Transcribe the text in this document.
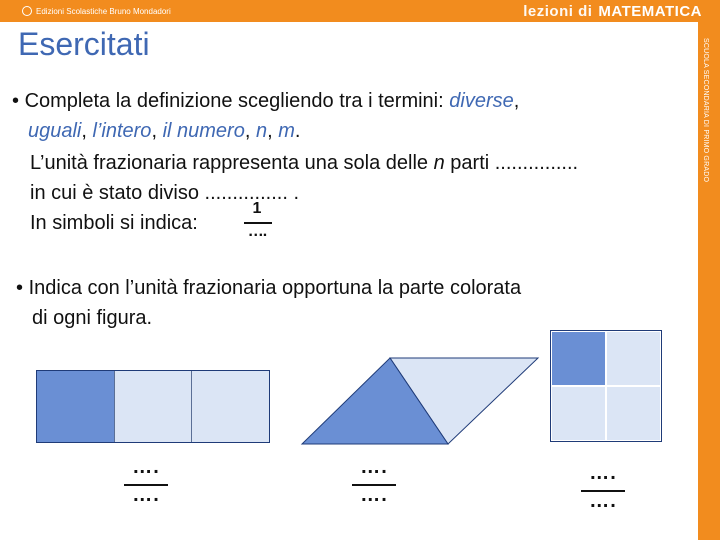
Edizioni Scolastiche Bruno Mondadori	lezioni di MATEMATICA
SCUOLA SECONDARIA DI PRIMO GRADO
Esercitati
• Completa la definizione scegliendo tra i termini: diverse,
uguali, l’intero, il numero, n, m.
L’unità frazionaria rappresenta una sola delle n parti ...............
in cui è stato diviso ............... .
In simboli si indica:
1
….
• Indica con l’unità frazionaria opportuna la parte colorata
di ogni figura.
….
….
….
….
….
….
